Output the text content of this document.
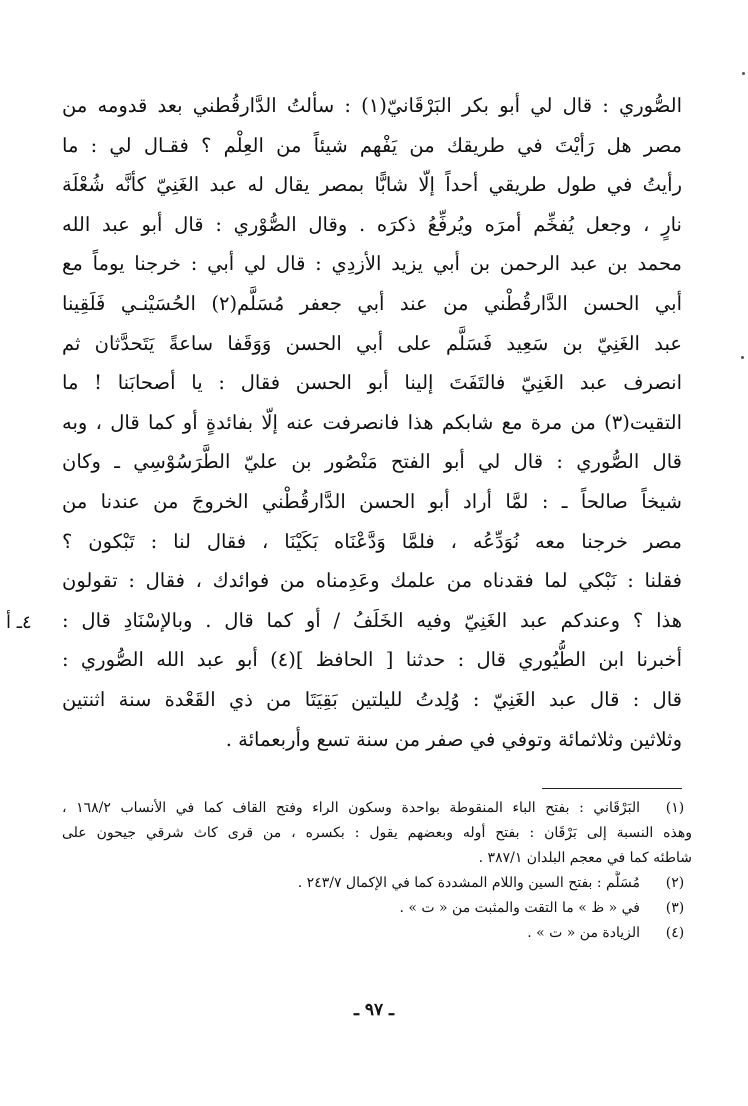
الصُّوري : قال لي أبو بكر البَرْقَانيّ(١) : سألتُ الدَّارقُطني بعد قدومه من
مصر هل رَأيْتَ في طريقك من يَفْهم شيئاً من العِلْم ؟ فقـال لي : ما
رأيتُ في طول طريقي أحداً إلّا شابًّا بمصر يقال له عبد الغَنِيّ كأنَّه شُعْلَة
نارٍ ، وجعل يُفخِّم أمرَه ويُرفِّعُ ذكرَه . وقال الصُّوْري : قال أبو عبد الله
محمد بن عبد الرحمن بن أبي يزيد الأزدِي : قال لي أبي : خرجنا يوماً مع
أبي الحسن الدَّارقُطْني من عند أبي جعفر مُسَلَّم(٢) الحُسَيْنـي فَلَقِينا
عبد الغَنِيّ بن سَعِيد فَسَلَّم على أبي الحسن وَوَقَفا ساعةً يَتَحدَّثان ثم
انصرف عبد الغَنِيّ فالتَفَتَ إلينا أبو الحسن فقال : يا أصحابَنا ! ما
التقيت(٣) من مرة مع شابكم هذا فانصرفت عنه إلّا بفائدةٍ أو كما قال ، وبه
قال الصُّوري : قال لي أبو الفتح مَنْصُور بن عليّ الطَّرَسُوْسِي ـ وكان
شيخاً صالحاً ـ : لمَّا أراد أبو الحسن الدَّارقُطْني الخروجَ من عندنا من
مصر خرجنا معه نُوَدِّعُه ، فلمَّا وَدَّعْنَاه بَكَيْنَا ، فقال لنا : تَبْكون ؟
فقلنا : نَبْكي لما فقدناه من علمك وعَدِمناه من فوائدك ، فقال : تقولون
هذا ؟ وعندكم عبد الغَنِيّ وفيه الخَلَفُ / أو كما قال . وبالإسْنَادِ قال :
أخبرنا ابن الطُّيُوري قال : حدثنا [ الحافظ ](٤) أبو عبد الله الصُّوري :
قال : قال عبد الغَنِيّ : وُلِدتُ لليلتين بَقِيَتَا من ذي القَعْدة سنة اثنتين
وثلاثين وثلاثمائة وتوفي في صفر من سنة تسع وأربعمائة .
٤ـ أ
(١)
البَرْقَاني : بفتح الباء المنقوطة بواحدة وسكون الراء وفتح القاف كما في الأنساب ١٦٨/٢ ،
وهذه النسبة إلى بَرْقَان : بفتح أوله وبعضهم يقول : بكسره ، من قرى كاث شرقي جيحون على
شاطئه كما في معجم البلدان ٣٨٧/١ .
(٢)
مُسَلَّم : بفتح السين واللام المشددة كما في الإكمال ٢٤٣/٧ .
(٣)
في « ظ » ما التقت والمثبت من « ت » .
(٤)
الزيادة من « ت » .
ـ ٩٧ ـ
